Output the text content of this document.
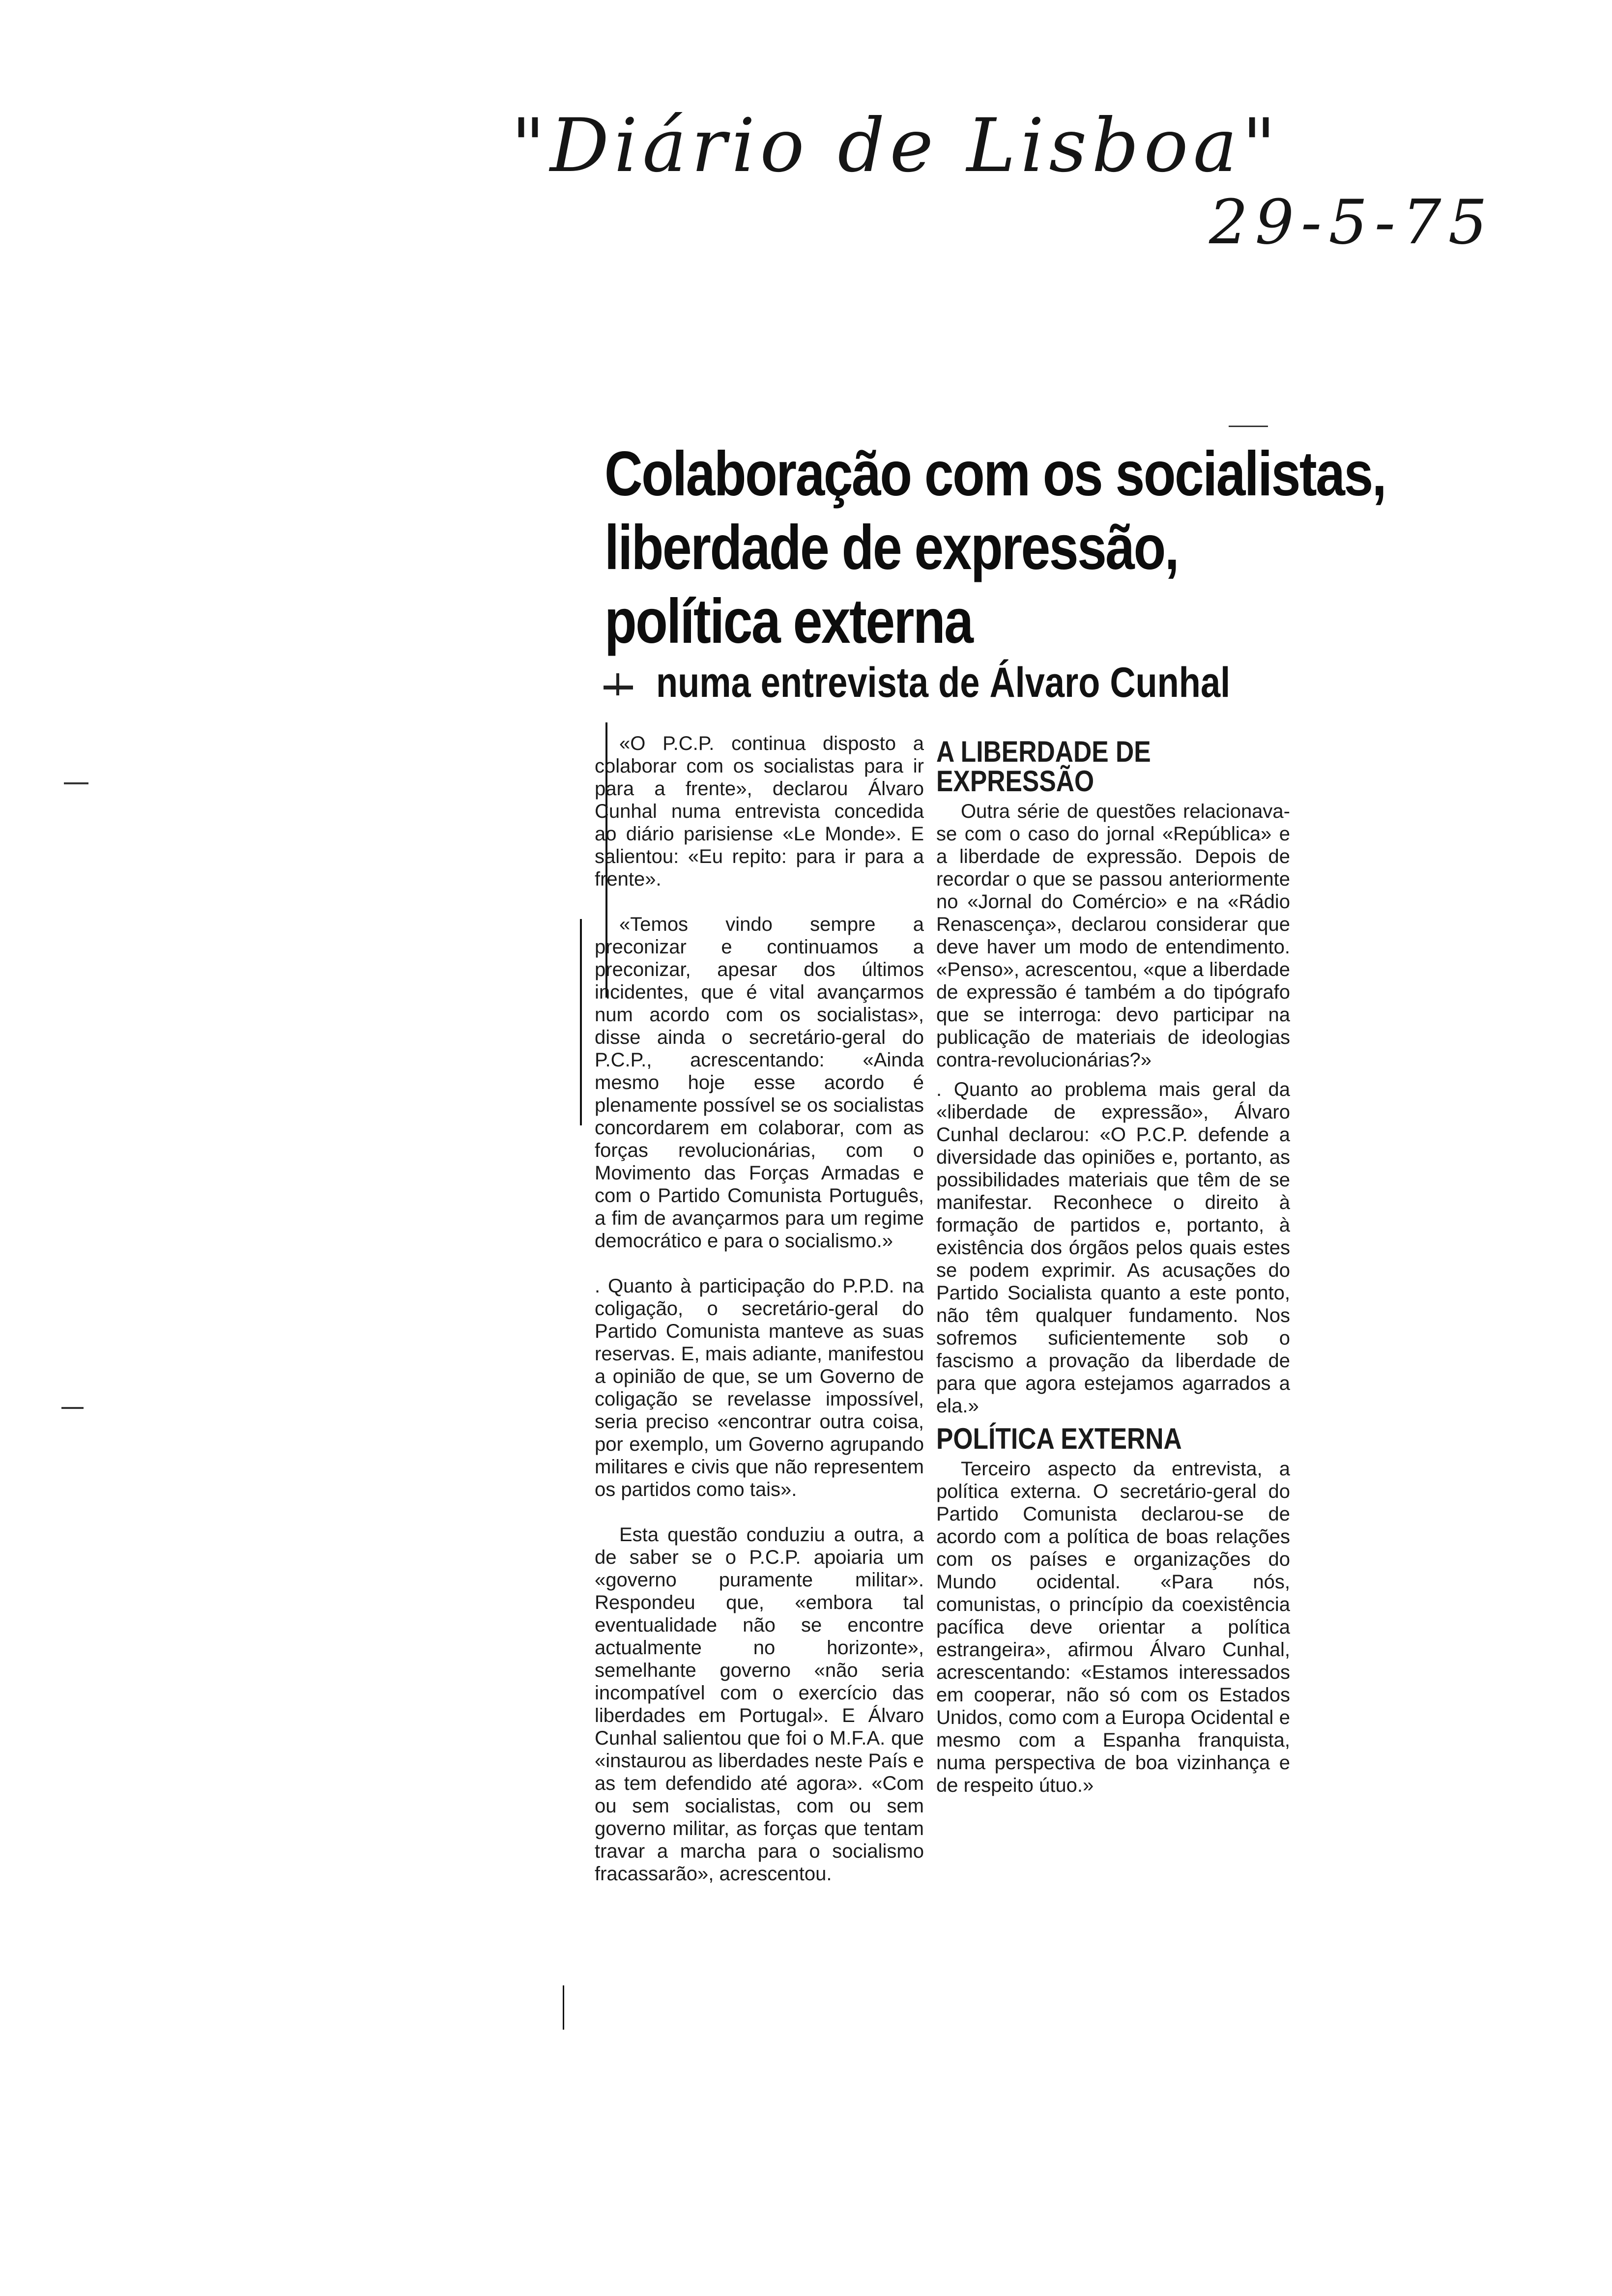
"Diário de Lisboa"
29-5-75
Colaboração com os socialistas,
liberdade de expressão,
política externa
numa entrevista de Álvaro Cunhal

«O P.C.P. continua disposto a colaborar com os socialistas para ir para a frente», declarou Álvaro Cunhal numa entrevista concedida ao diário parisiense «Le Monde». E salientou: «Eu repito: para ir para a frente».

«Temos vindo sempre a preconizar e continuamos a preconizar, apesar dos últimos incidentes, que é vital avançarmos num acordo com os socialistas», disse ainda o secretário-geral do P.C.P., acrescentando: «Ainda mesmo hoje esse acordo é plenamente possível se os socialistas concordarem em colaborar, com as forças revolucionárias, com o Movimento das Forças Armadas e com o Partido Comunista Português, a fim de avançarmos para um regime democrático e para o socialismo.»

. Quanto à participação do P.P.D. na coligação, o secretário-geral do Partido Comunista manteve as suas reservas. E, mais adiante, manifestou a opinião de que, se um Governo de coligação se revelasse impossível, seria preciso «encontrar outra coisa, por exemplo, um Governo agrupando militares e civis que não representem os partidos como tais».

Esta questão conduziu a outra, a de saber se o P.C.P. apoiaria um «governo puramente militar». Respondeu que, «embora tal eventualidade não se encontre actualmente no horizonte», semelhante governo «não seria incompatível com o exercício das liberdades em Portugal». E Álvaro Cunhal salientou que foi o M.F.A. que «instaurou as liberdades neste País e as tem defendido até agora». «Com ou sem socialistas, com ou sem governo militar, as forças que tentam travar a marcha para o socialismo fracassarão», acrescentou.

A LIBERDADE DE EXPRESSÃO

Outra série de questões relacionava-se com o caso do jornal «República» e a liberdade de expressão. Depois de recordar o que se passou anteriormente no «Jornal do Comércio» e na «Rádio Renascença», declarou considerar que deve haver um modo de entendimento. «Penso», acrescentou, «que a liberdade de expressão é também a do tipógrafo que se interroga: devo participar na publicação de materiais de ideologias contra-revolucionárias?»

. Quanto ao problema mais geral da «liberdade de expressão», Álvaro Cunhal declarou: «O P.C.P. defende a diversidade das opiniões e, portanto, as possibilidades materiais que têm de se manifestar. Reconhece o direito à formação de partidos e, portanto, à existência dos órgãos pelos quais estes se podem exprimir. As acusações do Partido Socialista quanto a este ponto, não têm qualquer fundamento. Nos sofremos suficientemente sob o fascismo a provação da liberdade de para que agora estejamos agarrados a ela.»

POLÍTICA EXTERNA

Terceiro aspecto da entrevista, a política externa. O secretário-geral do Partido Comunista declarou-se de acordo com a política de boas relações com os países e organizações do Mundo ocidental. «Para nós, comunistas, o princípio da coexistência pacífica deve orientar a política estrangeira», afirmou Álvaro Cunhal, acrescentando: «Estamos interessados em cooperar, não só com os Estados Unidos, como com a Europa Ocidental e mesmo com a Espanha franquista, numa perspectiva de boa vizinhança e de respeito útuo.»
